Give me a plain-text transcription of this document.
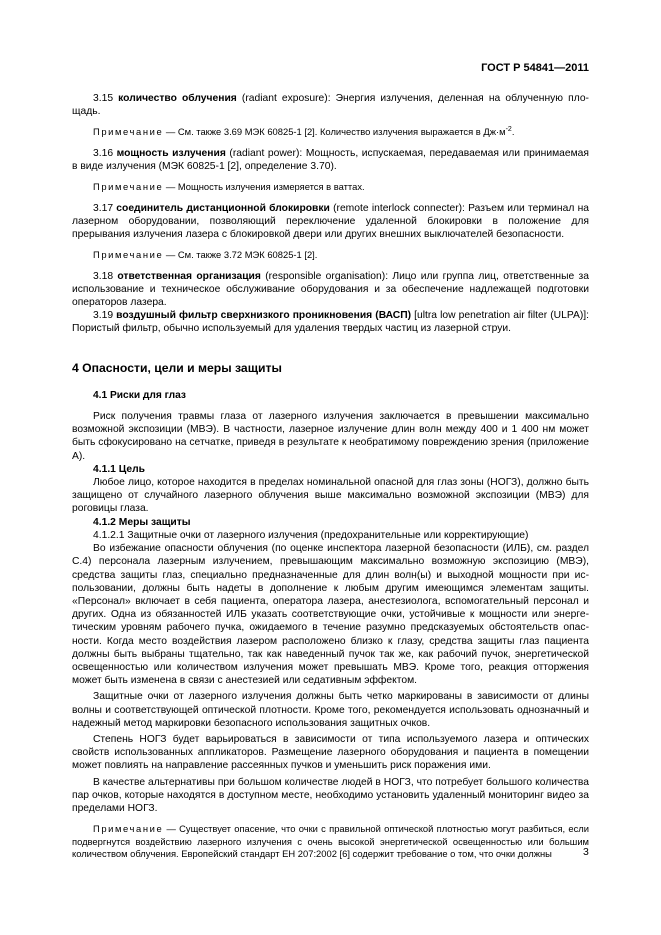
ГОСТ Р 54841—2011

3.15 количество облучения (radiant exposure): Энергия излучения, деленная на облученную площадь.

Примечание — См. также 3.69 МЭК 60825-1 [2]. Количество излучения выражается в $Дж\cdot м^{-2}$.

3.16 мощность излучения (radiant power): Мощность, испускаемая, передаваемая или принимаемая в виде излучения (МЭК 60825-1 [2], определение 3.70).

Примечание — Мощность излучения измеряется в ваттах.

3.17 соединитель дистанционной блокировки (remote interlock connecter): Разъем или терминал на лазерном оборудовании, позволяющий переключение удаленной блокировки в положение для прерывания излучения лазера с блокировкой двери или других внешних выключателей безопасности.

Примечание — См. также 3.72 МЭК 60825-1 [2].

3.18 ответственная организация (responsible organisation): Лицо или группа лиц, ответственные за использование и техническое обслуживание оборудования и за обеспечение надлежащей подготовки операторов лазера.

3.19 воздушный фильтр сверхнизкого проникновения (ВАСП) [ultra low penetration air filter (ULPA)]: Пористый фильтр, обычно используемый для удаления твердых частиц из лазерной струи.

4 Опасности, цели и меры защиты

4.1 Риски для глаз

Риск получения травмы глаза от лазерного излучения заключается в превышении максимально возможной экспозиции (МВЭ). В частности, лазерное излучение длин волн между 400 и 1 400 нм может быть сфокусировано на сетчатке, приведя в результате к необратимому повреждению зрения (приложение А).

4.1.1 Цель

Любое лицо, которое находится в пределах номинальной опасной для глаз зоны (НОГЗ), должно быть защищено от случайного лазерного облучения выше максимально возможной экспозиции (МВЭ) для роговицы глаза.

4.1.2 Меры защиты

4.1.2.1 Защитные очки от лазерного излучения (предохранительные или корректирующие)

Во избежание опасности облучения (по оценке инспектора лазерной безопасности (ИЛБ), см. раздел С.4) персонала лазерным излучением, превышающим максимально возможную экспозицию (МВЭ), средства защиты глаз, специально предназначенные для длин волн(ы) и выходной мощности при использовании, должны быть надеты в дополнение к любым другим имеющимся элементам защиты. «Персонал» включает в себя пациента, оператора лазера, анестезиолога, вспомогательный персонал и других. Одна из обязанностей ИЛБ указать соответствующие очки, устойчивые к мощности или энергетическим уровням рабочего пучка, ожидаемого в течение разумно предсказуемых обстоятельств опасности. Когда место воздействия лазером расположено близко к глазу, средства защиты глаз пациента должны быть выбраны тщательно, так как наведенный пучок так же, как рабочий пучок, энергетической освещенностью или количеством излучения может превышать МВЭ. Кроме того, реакция отторжения может быть изменена в связи с анестезией или седативным эффектом.

Защитные очки от лазерного излучения должны быть четко маркированы в зависимости от длины волны и соответствующей оптической плотности. Кроме того, рекомендуется использовать однозначный и надежный метод маркировки безопасного использования защитных очков.

Степень НОГЗ будет варьироваться в зависимости от типа используемого лазера и оптических свойств использованных аппликаторов. Размещение лазерного оборудования и пациента в помещении может повлиять на направление рассеянных пучков и уменьшить риск поражения ими.

В качестве альтернативы при большом количестве людей в НОГЗ, что потребует большого количества пар очков, которые находятся в доступном месте, необходимо установить удаленный мониторинг видео за пределами НОГЗ.

Примечание — Существует опасение, что очки с правильной оптической плотностью могут разбиться, если подвергнутся воздействию лазерного излучения с очень высокой энергетической освещенностью или большим количеством облучения. Европейский стандарт ЕН 207:2002 [6] содержит требование о том, что очки должны	3
